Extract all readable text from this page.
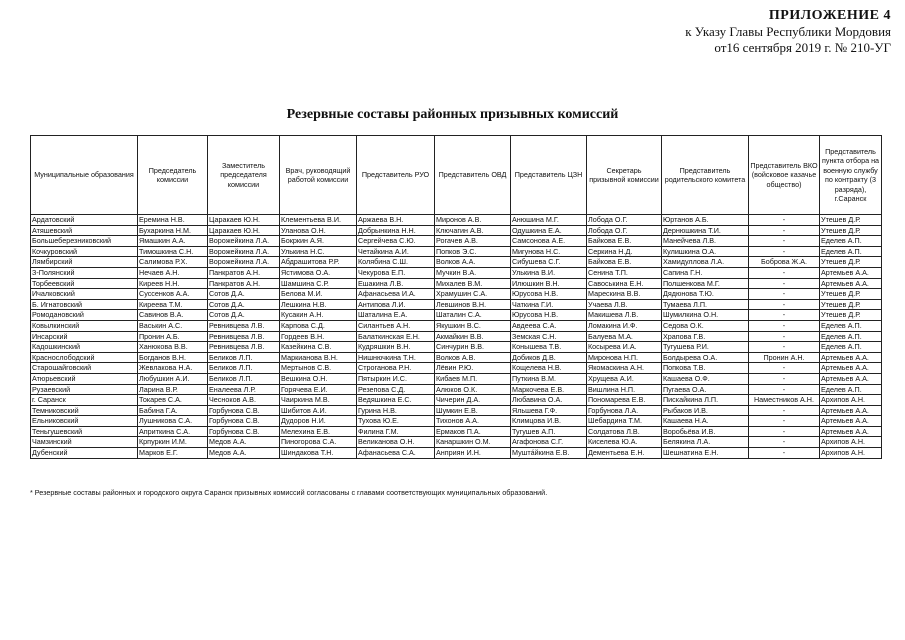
ПРИЛОЖЕНИЕ 4
к Указу Главы Республики Мордовия
от16 сентября 2019 г. № 210-УГ
Резервные составы районных призывных комиссий
Муниципальные образования	Председатель комиссии	Заместитель председателя комиссии	Врач, руководящий работой комиссии	Представитель РУО	Представитель ОВД	Представитель ЦЗН	Секретарь призывной комиссии	Представитель родительского комитета	Представитель ВКО (войсковое казачье общество)	Представитель пункта отбора на военную службу по контракту (3 разряда), г.Саранск
Ардатовский	Еремина Н.В.	Царакаев Ю.Н.	Клементьева В.И.	Аржаева В.Н.	Миронов А.В.	Анюшина М.Г.	Лобода О.Г.	Юртанов А.Б.	-	Утешев Д.Р.
Атяшевский	Бухаркина Н.М.	Царакаев Ю.Н.	Уланова О.Н.	Добрынкина Н.Н.	Ключагин А.В.	Одушкина Е.А.	Лобода О.Г.	Дернюшкина Т.И.	-	Утешев Д.Р.
Большеберезниковский	Ямашкин А.А.	Ворожейкина Л.А.	Бокркин А.Я.	Сергейчева С.Ю.	Рогачев А.В.	Самсонова А.Е.	Байкова Е.В.	Манейчева Л.В.	-	Еделев А.П.
Кочкуровский	Тимошкина С.Н.	Ворожейкина Л.А.	Улькина Н.С.	Четайкина А.И.	Попков Э.С.	Мигунова Н.С.	Серкина Н.Д.	Кулишкина О.А.	-	Еделев А.П.
Лямбирский	Салимова Р.Х.	Ворожейкина Л.А.	Абдрашитова Р.Р.	Колябина С.Ш.	Волков А.А.	Сибушева С.Г.	Байкова Е.В.	Хамидуллова Л.А.	Боброва Ж.А.	Утешев Д.Р.
З-Полянский	Нечаев А.Н.	Панкратов А.Н.	Ястимова О.А.	Чекурова Е.П.	Мучкин В.А.	Улькина В.И.	Сенина Т.П.	Сапина Г.Н.	-	Артемьев А.А.
Торбеевский	Киреев Н.Н.	Панкратов А.Н.	Шамшина С.Р.	Ешакина Л.В.	Михалев В.М.	Илюшкин В.Н.	Савоськина Е.Н.	Полшенкова М.Г.	-	Артемьев А.А.
Ичалковский	Суссенков А.А.	Сотов Д.А.	Белова М.И.	Афанасьева И.А.	Храмушин С.А.	Юрусова Н.В.	Марескина В.В.	Дядюнова Т.Ю.	-	Утешев Д.Р.
Б. Игнатовский	Киреева Т.М.	Сотов Д.А.	Лешкина Н.В.	Антипова Л.И.	Левшинов В.Н.	Чаткина Г.И.	Учаева Л.В.	Тумаева Л.П.	-	Утешев Д.Р.
Ромодановский	Савинов В.А.	Сотов Д.А.	Кусакин А.Н.	Шаталина Е.А.	Шаталин С.А.	Юрусова Н.В.	Макишева Л.В.	Шумилкина О.Н.	-	Утешев Д.Р.
Ковылкинский	Васькин А.С.	Ревнивцева Л.В.	Карпова С.Д.	Силантьев А.Н.	Якушкин В.С.	Авдеева С.А.	Ломакина И.Ф.	Седова О.К.	-	Еделев А.П.
Инсарский	Пронин А.Б.	Ревнивцева Л.В.	Гордеев В.Н.	Балаткинская Е.Н.	Акмайкин В.В.	Земская С.Н.	Балуева М.А.	Храпова Г.В.	-	Еделев А.П.
Кадошкинский	Ханюкова В.В.	Ревнивцева Л.В.	Казейкина С.В.	Кудряшкин В.Н.	Синчурин В.В.	Конышева Т.В.	Косырева И.А.	Тугушева Р.И.	-	Еделев А.П.
Краснослободский	Богданов В.Н.	Беликов Л.П.	Маркианова В.Н.	Нишнючкина Т.Н.	Волков А.В.	Добиков Д.В.	Миронова Н.П.	Болдырева О.А.	Пронин А.Н.	Артемьев А.А.
Старошайговский	Жевлакова Н.А.	Беликов Л.П.	Мертынов С.В.	Строганова Р.Н.	Лёвин Р.Ю.	Кощелева Н.В.	Якомаскина А.Н.	Попкова Т.В.	-	Артемьев А.А.
Атюрьевский	Любушкин А.И.	Беликов Л.П.	Вешкина О.Н.	Пятыркин И.С.	Кибаев М.П.	Путкина В.М.	Хрущева А.И.	Кашаева О.Ф.	-	Артемьев А.А.
Рузаевский	Ларина В.Р.	Еналеева Л.Р.	Горячева Е.И.	Резепова С.Д.	Алюков О.К.	Маркочева Е.В.	Вишлина Н.П.	Пугаева О.А.	-	Еделев А.П.
г. Саранск	Токарев С.А.	Чесноков А.В.	Чаиркина М.В.	Ведяшкина Е.С.	Чичерин Д.А.	Любавина О.А.	Пономарева Е.В.	Пискайкина Л.П.	Наместников А.Н.	Архипов А.Н.
Темниковский	Бабина Г.А.	Горбунова С.В.	Шибитов А.И.	Гурина Н.В.	Шумкин Е.В.	Яльшева Г.Ф.	Горбунова Л.А.	Рыбаков И.В.	-	Артемьев А.А.
Ельниковский	Лушникова С.А.	Горбунова С.В.	Дудоров Н.И.	Тухова Ю.Е.	Тихонов А.А.	Климцова И.В.	Шебардина Т.М.	Кашаева Н.А.	-	Артемьев А.А.
Теньгушевский	Априткина С.А.	Горбунова С.В.	Мелехина Е.В.	Филина Г.М.	Ермаков П.А.	Тугушев А.П.	Солдатова Л.В.	Воробьёва И.В.	-	Артемьев А.А.
Чамзинский	Крпуркин И.М.	Медов А.А.	Пиногорова С.А.	Великанова О.Н.	Канаршкин О.М.	Агафонова С.Г.	Киселева Ю.А.	Белякина Л.А.	-	Архипов А.Н.
Дубенский	Марков Е.Г.	Медов А.А.	Шиндакова Т.Н.	Афанасьева С.А.	Анприян И.Н.	Мушта́йкина Е.В.	Дементьева Е.Н.	Шешнатина Е.Н.	-	Архипов А.Н.
* Резервные составы районных и городского округа Саранск призывных комиссий согласованы с главами соответствующих муниципальных образований.
